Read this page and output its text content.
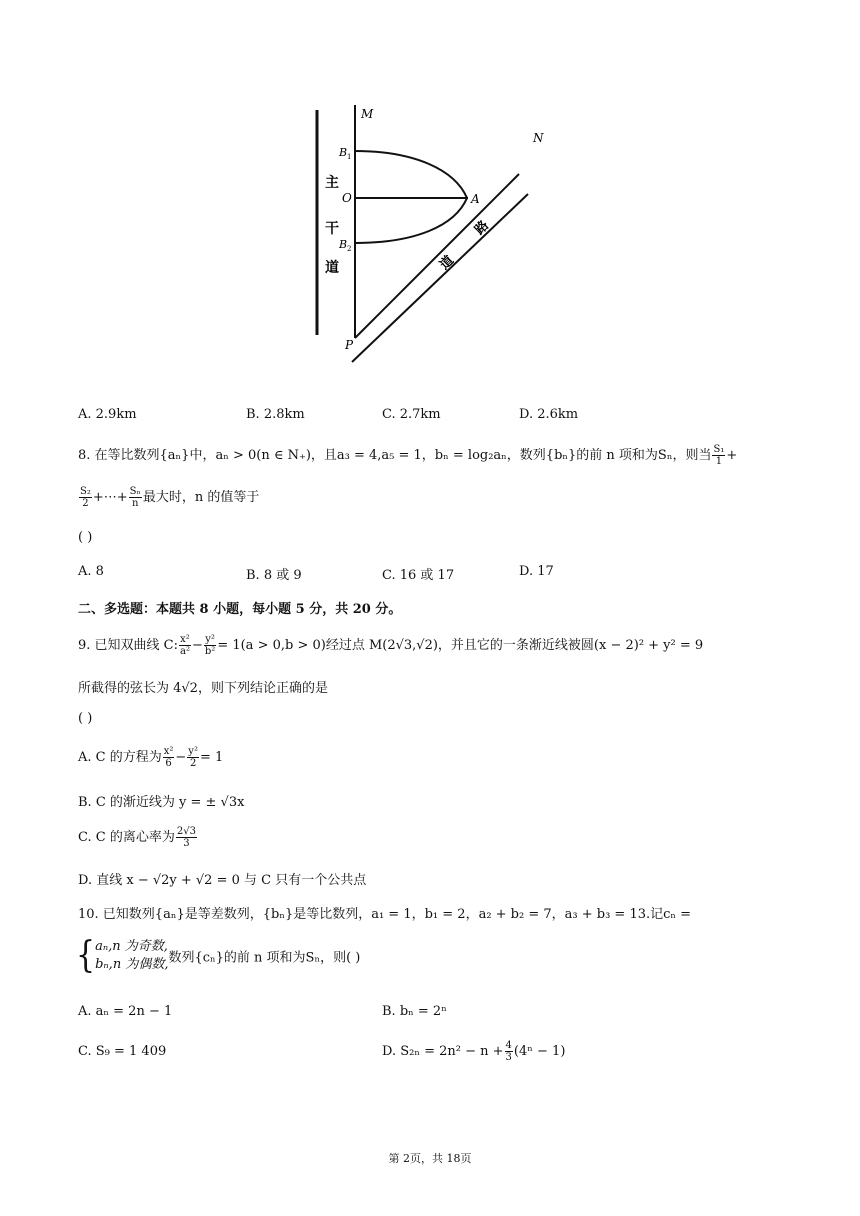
M
N
B 1
O	A
B 2
P
主
干
道	道
路
A. 2.9km	B. 2.8km	C. 2.7km	D. 2.6km
8. 在等比数列{aₙ}中，aₙ > 0(n ∈ N₊)，且a₃ = 4,a₅ = 1，bₙ = log₂aₙ，数列{bₙ}的前 n 项和为Sₙ，则当 $\frac{\text{S₁}}{1}$ +
$\frac{\text{S₂}}{2}$ +⋯+ $\frac{\text{Sₙ}}{n}$ 最大时，n 的值等于
( )
A. 8	B. 8 或 9	C. 16 或 17	D. 17
二、多选题：本题共 8 小题，每小题 5 分，共 20 分。
9. 已知双曲线 C: $\frac{\text{x²}}{\text{a²}} - \frac{\text{y²}}{\text{b²}} = 1(a > 0,b > 0)$经过点 M(2√3,√2)，并且它的一条渐近线被圆(x − 2)² + y² = 9
所截得的弦长为 4√2，则下列结论正确的是
( )
A. C 的方程为 $\frac{\text{x²}}{6} - \frac{\text{y²}}{2} = 1$
B. C 的渐近线为 y = ± √3x
C. C 的离心率为 $\frac{2√3}{3}$
D. 直线 x − √2y + √2 = 0 与 C 只有一个公共点
10. 已知数列{aₙ}是等差数列，{bₙ}是等比数列，a₁ = 1，b₁ = 2，a₂ + b₂ = 7，a₃ + b₃ = 13.记cₙ =
{ aₙ,n 为奇数,
bₙ,n 为偶数, 数列{cₙ}的前 n 项和为Sₙ，则( )
A. aₙ = 2n − 1	B. bₙ = 2ⁿ
C. S₉ = 1 409	D. $S_{2n} = 2n^2 - n + \frac{4}{3} (4^n - 1)$
第 2页，共 18页
